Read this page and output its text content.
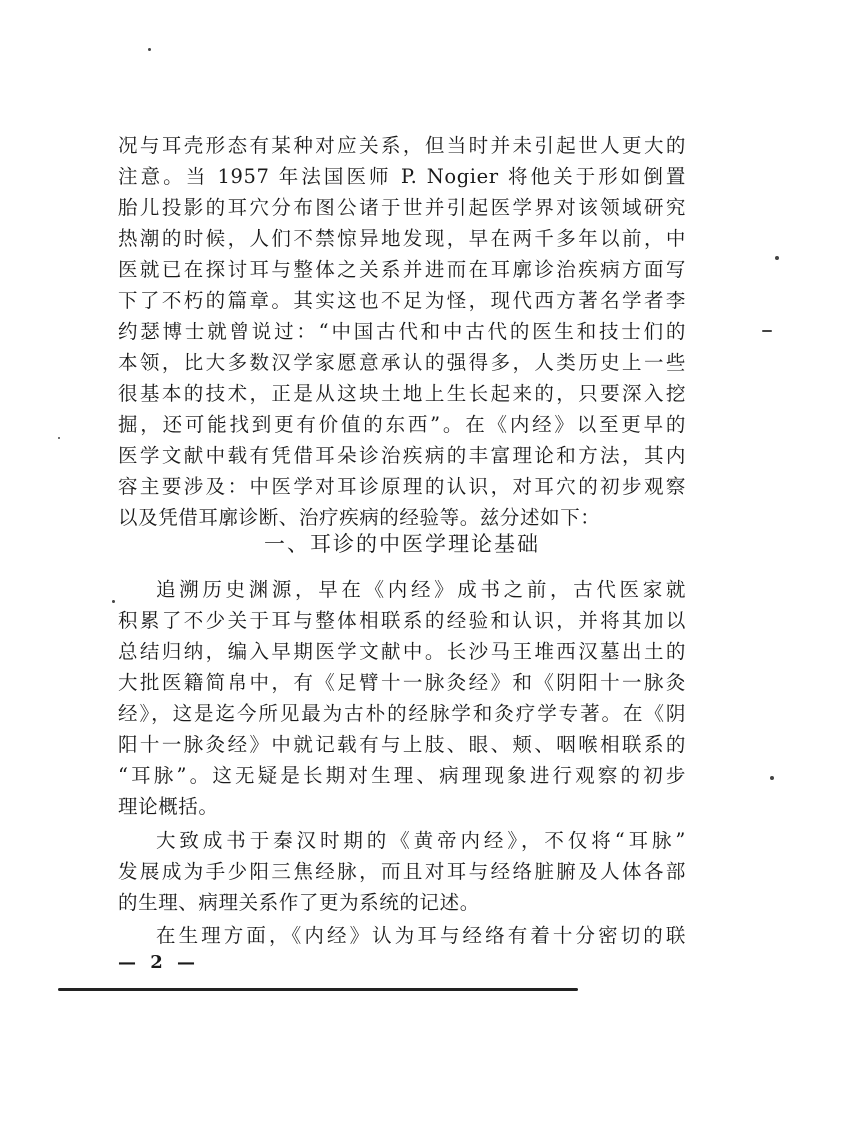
况与耳壳形态有某种对应关系，但当时并未引起世人更大的
注意。当 1957 年法国医师 P. Nogier 将他关于形如倒置
胎儿投影的耳穴分布图公诸于世并引起医学界对该领域研究
热潮的时候，人们不禁惊异地发现，早在两千多年以前，中
医就已在探讨耳与整体之关系并进而在耳廓诊治疾病方面写
下了不朽的篇章。其实这也不足为怪，现代西方著名学者李
约瑟博士就曾说过：“中国古代和中古代的医生和技士们的
本领，比大多数汉学家愿意承认的强得多，人类历史上一些
很基本的技术，正是从这块土地上生长起来的，只要深入挖
掘，还可能找到更有价值的东西”。在《内经》以至更早的
医学文献中载有凭借耳朵诊治疾病的丰富理论和方法，其内
容主要涉及：中医学对耳诊原理的认识，对耳穴的初步观察
以及凭借耳廓诊断、治疗疾病的经验等。兹分述如下：
一、耳诊的中医学理论基础
追溯历史渊源，早在《内经》成书之前，古代医家就
积累了不少关于耳与整体相联系的经验和认识，并将其加以
总结归纳，编入早期医学文献中。长沙马王堆西汉墓出土的
大批医籍简帛中，有《足臂十一脉灸经》和《阴阳十一脉灸
经》，这是迄今所见最为古朴的经脉学和灸疗学专著。在《阴
阳十一脉灸经》中就记载有与上肢、眼、颊、咽喉相联系的
“耳脉”。这无疑是长期对生理、病理现象进行观察的初步
理论概括。
大致成书于秦汉时期的《黄帝内经》，不仅将“耳脉”
发展成为手少阳三焦经脉，而且对耳与经络脏腑及人体各部
的生理、病理关系作了更为系统的记述。
在生理方面，《内经》认为耳与经络有着十分密切的联
— 2 —
